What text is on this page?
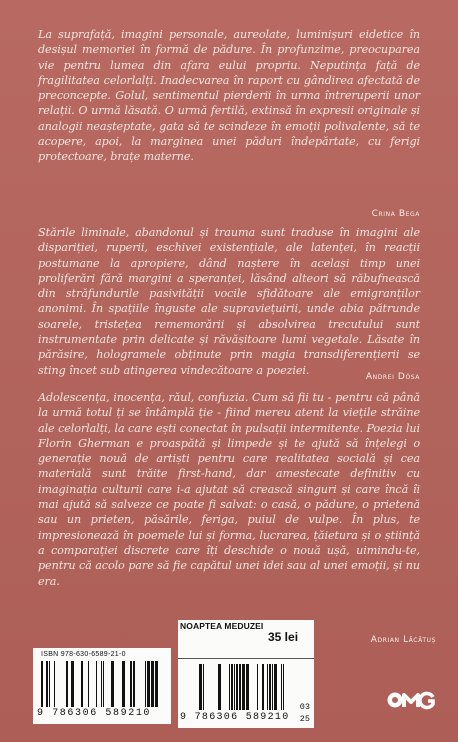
La suprafață, imagini personale, aureolate, luminișuri eidetice în desișul memoriei în formă de pădure. În profunzime, preocuparea vie pentru lumea din afara eului propriu. Neputința față de fragilitatea celorlalți. Inadecvarea în raport cu gândirea afectată de preconcepte. Golul, sentimentul pierderii în urma întreruperii unor relații. O urmă lăsată. O urmă fertilă, extinsă în expresii originale și analogii neașteptate, gata să te scindeze în emoții polivalente, să te acopere, apoi, la marginea unei păduri îndepărtate, cu ferigi protectoare, brațe materne.

Crina Bega

Stările liminale, abandonul și trauma sunt traduse în imagini ale dispariției, ruperii, eschivei existențiale, ale latenței, în reacții postumane la apropiere, dând naștere în același timp unei proliferări fără margini a speranței, lăsând alteori să răbufnească din străfundurile pasivității vocile sfidătoare ale emigranților anonimi. În spațiile înguste ale supraviețuirii, unde abia pătrunde soarele, tristețea rememorării și absolvirea trecutului sunt instrumentate prin delicate și răvășitoare lumi vegetale. Lăsate în părăsire, hologramele obținute prin magia transdiferențierii se sting încet sub atingerea vindecătoare a poeziei.

Andrei Dósa

Adolescența, inocența, răul, confuzia. Cum să fii tu - pentru că până la urmă totul ți se întâmplă ție - fiind mereu atent la viețile străine ale celorlalți, la care ești conectat în pulsații intermitente. Poezia lui Florin Gherman e proaspătă și limpede și te ajută să înțelegi o generație nouă de artiști pentru care realitatea socială și cea materială sunt trăite first-hand, dar amestecate definitiv cu imaginația culturii care i-a ajutat să crească singuri și care încă îi mai ajută să salveze ce poate fi salvat: o casă, o pădure, o prietenă sau un prieten, păsările, feriga, puiul de vulpe. În plus, te impresionează în poemele lui și forma, lucrarea, țăietura și o știință a comparației discrete care îți deschide o nouă ușă, uimindu-te, pentru că acolo pare să fie capătul unei idei sau al unei emoții, și nu era.

Adrian Lăcătuș
ISBN 978-630-6589-21-0
9 786306 589210
NOAPTEA MEDUZEI
35 lei
03
25
9 786306 589210
